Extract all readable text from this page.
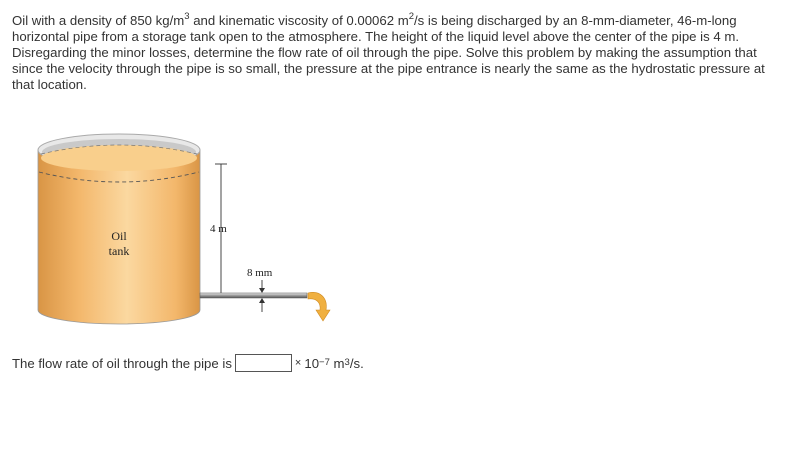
Oil with a density of 850 $kg/m^3$ and kinematic viscosity of 0.00062 $m^2/s$ is being discharged by an 8-mm-diameter, 46-m-long horizontal pipe from a storage tank open to the atmosphere. The height of the liquid level above the center of the pipe is 4 m. Disregarding the minor losses, determine the flow rate of oil through the pipe. Solve this problem by making the assumption that since the velocity through the pipe is so small, the pressure at the pipe entrance is nearly the same as the hydrostatic pressure at that location.
Oil
tank
4 m
8 mm
The flow rate of oil through the pipe is	× 10 −7
m 3 /s.
